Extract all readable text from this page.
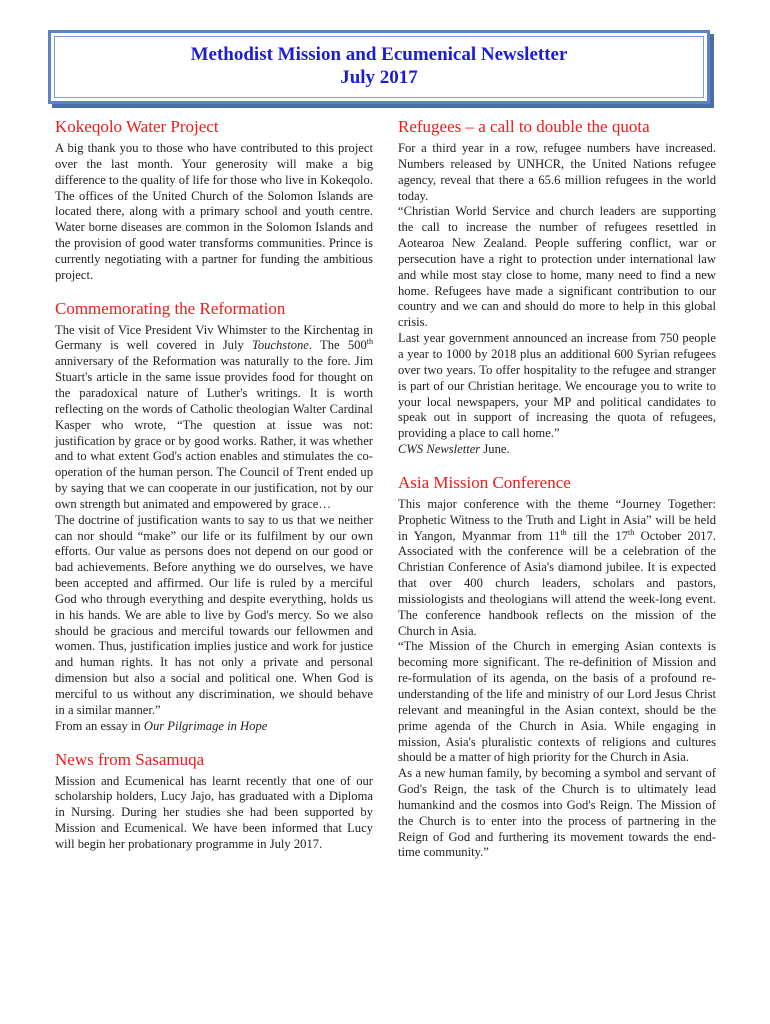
Methodist Mission and Ecumenical Newsletter
July 2017
Kokeqolo Water Project

A big thank you to those who have contributed to this project over the last month. Your generosity will make a big difference to the quality of life for those who live in Kokeqolo. The offices of the United Church of the Solomon Islands are located there, along with a primary school and youth centre. Water borne diseases are common in the Solomon Islands and the provision of good water transforms communities. Prince is currently negotiating with a partner for funding the ambitious project.

Commemorating the Reformation

The visit of Vice President Viv Whimster to the Kirchentag in Germany is well covered in July Touchstone. The 500th anniversary of the Reformation was naturally to the fore. Jim Stuart's article in the same issue provides food for thought on the paradoxical nature of Luther's writings. It is worth reflecting on the words of Catholic theologian Walter Cardinal Kasper who wrote, “The question at issue was not: justification by grace or by good works. Rather, it was whether and to what extent God's action enables and stimulates the co-operation of the human person. The Council of Trent ended up by saying that we can cooperate in our justification, not by our own strength but animated and empowered by grace…

The doctrine of justification wants to say to us that we neither can nor should “make” our life or its fulfilment by our own efforts. Our value as persons does not depend on our good or bad achievements. Before anything we do ourselves, we have been accepted and affirmed. Our life is ruled by a merciful God who through everything and despite everything, holds us in his hands. We are able to live by God's mercy. So we also should be gracious and merciful towards our fellowmen and women. Thus, justification implies justice and work for justice and human rights. It has not only a private and personal dimension but also a social and political one. When God is merciful to us without any discrimination, we should behave in a similar manner.”

From an essay in Our Pilgrimage in Hope

News from Sasamuqa

Mission and Ecumenical has learnt recently that one of our scholarship holders, Lucy Jajo, has graduated with a Diploma in Nursing. During her studies she had been supported by Mission and Ecumenical. We have been informed that Lucy will begin her probationary programme in July 2017.

Refugees – a call to double the quota

For a third year in a row, refugee numbers have increased. Numbers released by UNHCR, the United Nations refugee agency, reveal that there a 65.6 million refugees in the world today.

“Christian World Service and church leaders are supporting the call to increase the number of refugees resettled in Aotearoa New Zealand. People suffering conflict, war or persecution have a right to protection under international law and while most stay close to home, many need to find a new home. Refugees have made a significant contribution to our country and we can and should do more to help in this global crisis.

Last year government announced an increase from 750 people a year to 1000 by 2018 plus an additional 600 Syrian refugees over two years. To offer hospitality to the refugee and stranger is part of our Christian heritage. We encourage you to write to your local newspapers, your MP and political candidates to speak out in support of increasing the quota of refugees, providing a place to call home.”

CWS Newsletter June.

Asia Mission Conference

This major conference with the theme “Journey Together: Prophetic Witness to the Truth and Light in Asia” will be held in Yangon, Myanmar from 11th till the 17th October 2017. Associated with the conference will be a celebration of the Christian Conference of Asia's diamond jubilee. It is expected that over 400 church leaders, scholars and pastors, missiologists and theologians will attend the week-long event. The conference handbook reflects on the mission of the Church in Asia.

“The Mission of the Church in emerging Asian contexts is becoming more significant. The re-definition of Mission and re-formulation of its agenda, on the basis of a profound re-understanding of the life and ministry of our Lord Jesus Christ relevant and meaningful in the Asian context, should be the prime agenda of the Church in Asia. While engaging in mission, Asia's pluralistic contexts of religions and cultures should be a matter of high priority for the Church in Asia.

As a new human family, by becoming a symbol and servant of God's Reign, the task of the Church is to ultimately lead humankind and the cosmos into God's Reign. The Mission of the Church is to enter into the process of partnering in the Reign of God and furthering its movement towards the end-time community.”
